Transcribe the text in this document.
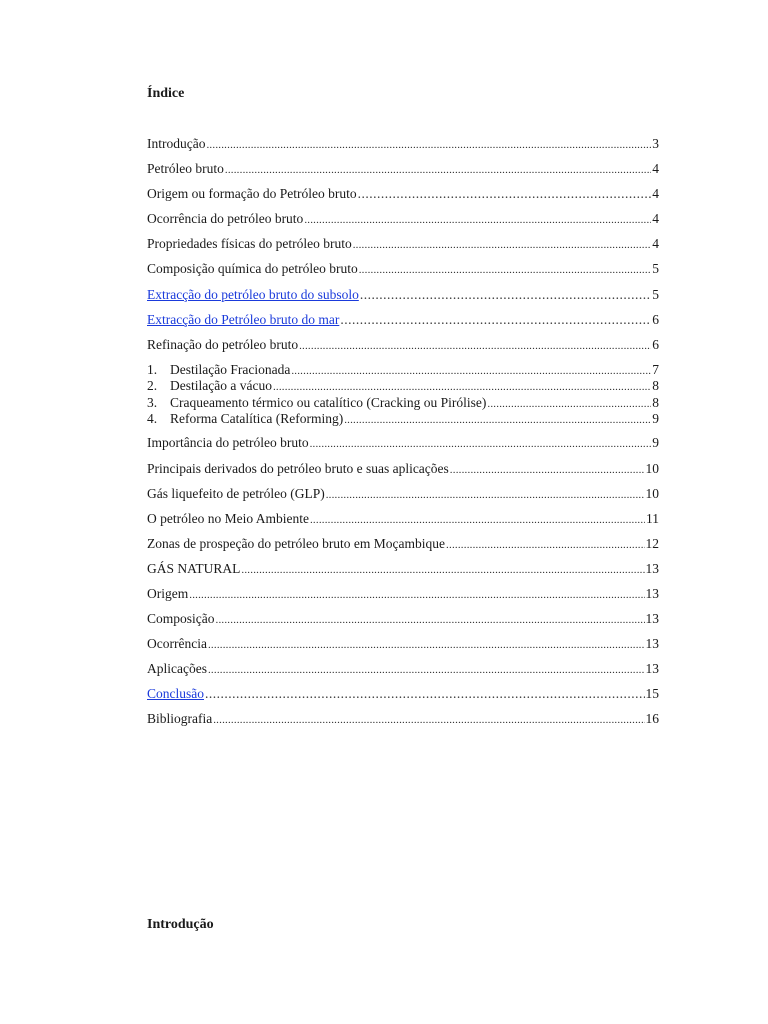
Índice
Introdução .....	3
Petróleo bruto .....	4
Origem ou formação do Petróleo bruto .....	4
Ocorrência do petróleo bruto .....	4
Propriedades físicas do petróleo bruto .....	4
Composição química do petróleo bruto .....	5
Extracção do petróleo bruto do subsolo .....	5
Extracção do Petróleo bruto do mar .....	6
Refinação do petróleo bruto .....	6
1. Destilação Fracionada .....	7
2. Destilação a vácuo .....	8
3. Craqueamento térmico ou catalítico (Cracking ou Pirólise) .....	8
4. Reforma Catalítica (Reforming) .....	9
Importância do petróleo bruto .....	9
Principais derivados do petróleo bruto e suas aplicações .....	10
Gás liquefeito de petróleo (GLP) .....	10
O petróleo no Meio Ambiente .....	11
Zonas de prospeção do petróleo bruto em Moçambique .....	12
GÁS NATURAL .....	13
Origem .....	13
Composição .....	13
Ocorrência .....	13
Aplicações .....	13
Conclusão .....	15
Bibliografia .....	16
Introdução
